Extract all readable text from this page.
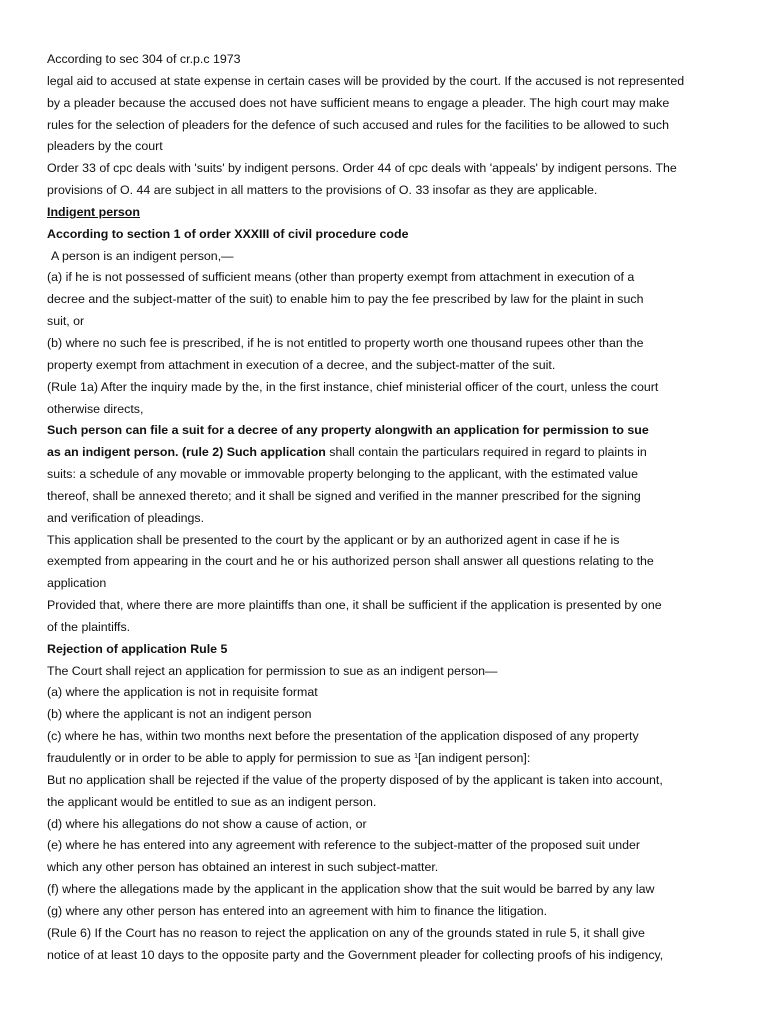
According to sec 304 of cr.p.c 1973
legal aid to accused at state expense in certain cases will be provided by the court. If the accused is not represented
by a pleader because the accused does not have sufficient means to engage a pleader. The high court may make
rules for the selection of pleaders for the defence of such accused and rules for the facilities to be allowed to such
pleaders by the court
Order 33 of cpc deals with 'suits' by indigent persons. Order 44 of cpc deals with 'appeals' by indigent persons. The
provisions of O. 44 are subject in all matters to the provisions of O. 33 insofar as they are applicable.
Indigent person
According to section 1 of order XXXIII of civil procedure code
A person is an indigent person,—
(a) if he is not possessed of sufficient means (other than property exempt from attachment in execution of a
decree and the subject-matter of the suit) to enable him to pay the fee prescribed by law for the plaint in such
suit, or
(b) where no such fee is prescribed, if he is not entitled to property worth one thousand rupees other than the
property exempt from attachment in execution of a decree, and the subject-matter of the suit.
(Rule 1a) After the inquiry made by the, in the first instance, chief ministerial officer of the court, unless the court
otherwise directs,
Such person can file a suit for a decree of any property alongwith an application for permission to sue
as an indigent person. (rule 2) Such application shall contain the particulars required in regard to plaints in
suits: a schedule of any movable or immovable property belonging to the applicant, with the estimated value
thereof, shall be annexed thereto; and it shall be signed and verified in the manner prescribed for the signing
and verification of pleadings.
This application shall be presented to the court by the applicant or by an authorized agent in case if he is
exempted from appearing in the court and he or his authorized person shall answer all questions relating to the
application
Provided that, where there are more plaintiffs than one, it shall be sufficient if the application is presented by one
of the plaintiffs.
Rejection of application Rule 5
The Court shall reject an application for permission to sue as an indigent person—
(a) where the application is not in requisite format
(b) where the applicant is not an indigent person
(c) where he has, within two months next before the presentation of the application disposed of any property
fraudulently or in order to be able to apply for permission to sue as $^1$[an indigent person]:
But no application shall be rejected if the value of the property disposed of by the applicant is taken into account,
the applicant would be entitled to sue as an indigent person.
(d) where his allegations do not show a cause of action, or
(e) where he has entered into any agreement with reference to the subject-matter of the proposed suit under
which any other person has obtained an interest in such subject-matter.
(f) where the allegations made by the applicant in the application show that the suit would be barred by any law
(g) where any other person has entered into an agreement with him to finance the litigation.
(Rule 6) If the Court has no reason to reject the application on any of the grounds stated in rule 5, it shall give
notice of at least 10 days to the opposite party and the Government pleader for collecting proofs of his indigency,
